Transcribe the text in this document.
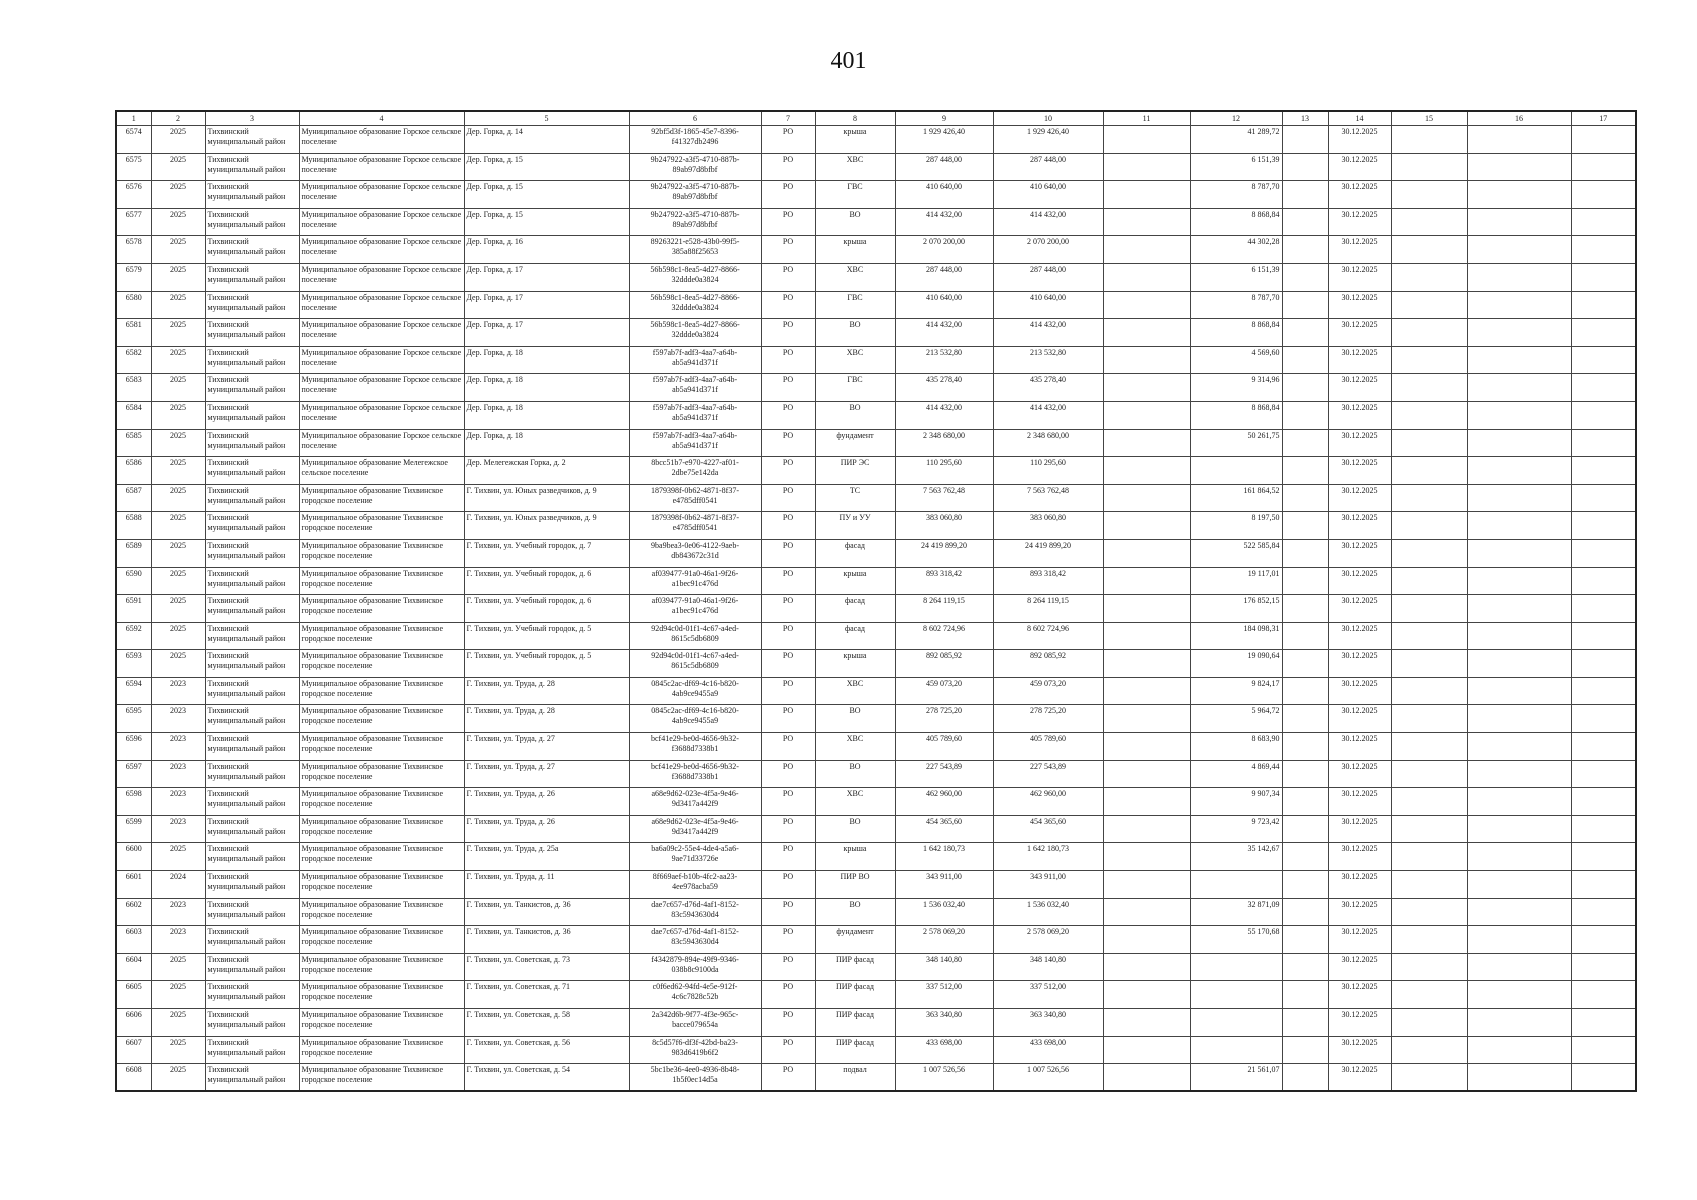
401
1	2	3	4	5	6	7	8	9	10	11	12	13	14	15	16	17
6574	2025	Тихвинский муниципальный район	Муниципальное образование Горское сельское поселение	Дер. Горка, д. 14	92bf5d3f-1865-45e7-8396-f41327db2496	РО	крыша	1 929 426,40	1 929 426,40		41 289,72		30.12.2025			
6575	2025	Тихвинский муниципальный район	Муниципальное образование Горское сельское поселение	Дер. Горка, д. 15	9b247922-a3f5-4710-887b-89ab97d8bfbf	РО	ХВС	287 448,00	287 448,00		6 151,39		30.12.2025			
6576	2025	Тихвинский муниципальный район	Муниципальное образование Горское сельское поселение	Дер. Горка, д. 15	9b247922-a3f5-4710-887b-89ab97d8bfbf	РО	ГВС	410 640,00	410 640,00		8 787,70		30.12.2025			
6577	2025	Тихвинский муниципальный район	Муниципальное образование Горское сельское поселение	Дер. Горка, д. 15	9b247922-a3f5-4710-887b-89ab97d8bfbf	РО	ВО	414 432,00	414 432,00		8 868,84		30.12.2025			
6578	2025	Тихвинский муниципальный район	Муниципальное образование Горское сельское поселение	Дер. Горка, д. 16	89263221-e528-43b0-99f5-385a88f25653	РО	крыша	2 070 200,00	2 070 200,00		44 302,28		30.12.2025			
6579	2025	Тихвинский муниципальный район	Муниципальное образование Горское сельское поселение	Дер. Горка, д. 17	56b598c1-8ea5-4d27-8866-32ddde0a3824	РО	ХВС	287 448,00	287 448,00		6 151,39		30.12.2025			
6580	2025	Тихвинский муниципальный район	Муниципальное образование Горское сельское поселение	Дер. Горка, д. 17	56b598c1-8ea5-4d27-8866-32ddde0a3824	РО	ГВС	410 640,00	410 640,00		8 787,70		30.12.2025			
6581	2025	Тихвинский муниципальный район	Муниципальное образование Горское сельское поселение	Дер. Горка, д. 17	56b598c1-8ea5-4d27-8866-32ddde0a3824	РО	ВО	414 432,00	414 432,00		8 868,84		30.12.2025			
6582	2025	Тихвинский муниципальный район	Муниципальное образование Горское сельское поселение	Дер. Горка, д. 18	f597ab7f-adf3-4aa7-a64b-ab5a941d371f	РО	ХВС	213 532,80	213 532,80		4 569,60		30.12.2025			
6583	2025	Тихвинский муниципальный район	Муниципальное образование Горское сельское поселение	Дер. Горка, д. 18	f597ab7f-adf3-4aa7-a64b-ab5a941d371f	РО	ГВС	435 278,40	435 278,40		9 314,96		30.12.2025			
6584	2025	Тихвинский муниципальный район	Муниципальное образование Горское сельское поселение	Дер. Горка, д. 18	f597ab7f-adf3-4aa7-a64b-ab5a941d371f	РО	ВО	414 432,00	414 432,00		8 868,84		30.12.2025			
6585	2025	Тихвинский муниципальный район	Муниципальное образование Горское сельское поселение	Дер. Горка, д. 18	f597ab7f-adf3-4aa7-a64b-ab5a941d371f	РО	фундамент	2 348 680,00	2 348 680,00		50 261,75		30.12.2025			
6586	2025	Тихвинский муниципальный район	Муниципальное образование Мелегежское сельское поселение	Дер. Мелегежская Горка, д. 2	8bcc51b7-e970-4227-af01-2dbe75e142da	РО	ПИР ЭС	110 295,60	110 295,60				30.12.2025			
6587	2025	Тихвинский муниципальный район	Муниципальное образование Тихвинское городское поселение	Г. Тихвин, ул. Юных разведчиков, д. 9	1879398f-0b62-4871-8f37-e4785dff0541	РО	ТС	7 563 762,48	7 563 762,48		161 864,52		30.12.2025			
6588	2025	Тихвинский муниципальный район	Муниципальное образование Тихвинское городское поселение	Г. Тихвин, ул. Юных разведчиков, д. 9	1879398f-0b62-4871-8f37-e4785dff0541	РО	ПУ и УУ	383 060,80	383 060,80		8 197,50		30.12.2025			
6589	2025	Тихвинский муниципальный район	Муниципальное образование Тихвинское городское поселение	Г. Тихвин, ул. Учебный городок, д. 7	9ba9bea3-0e06-4122-9aeb-db843672c31d	РО	фасад	24 419 899,20	24 419 899,20		522 585,84		30.12.2025			
6590	2025	Тихвинский муниципальный район	Муниципальное образование Тихвинское городское поселение	Г. Тихвин, ул. Учебный городок, д. 6	af039477-91a0-46a1-9f26-a1bec91c476d	РО	крыша	893 318,42	893 318,42		19 117,01		30.12.2025			
6591	2025	Тихвинский муниципальный район	Муниципальное образование Тихвинское городское поселение	Г. Тихвин, ул. Учебный городок, д. 6	af039477-91a0-46a1-9f26-a1bec91c476d	РО	фасад	8 264 119,15	8 264 119,15		176 852,15		30.12.2025			
6592	2025	Тихвинский муниципальный район	Муниципальное образование Тихвинское городское поселение	Г. Тихвин, ул. Учебный городок, д. 5	92d94c0d-01f1-4c67-a4ed-8615c5db6809	РО	фасад	8 602 724,96	8 602 724,96		184 098,31		30.12.2025			
6593	2025	Тихвинский муниципальный район	Муниципальное образование Тихвинское городское поселение	Г. Тихвин, ул. Учебный городок, д. 5	92d94c0d-01f1-4c67-a4ed-8615c5db6809	РО	крыша	892 085,92	892 085,92		19 090,64		30.12.2025			
6594	2023	Тихвинский муниципальный район	Муниципальное образование Тихвинское городское поселение	Г. Тихвин, ул. Труда, д. 28	0845c2ac-df69-4c16-b820-4ab9ce9455a9	РО	ХВС	459 073,20	459 073,20		9 824,17		30.12.2025			
6595	2023	Тихвинский муниципальный район	Муниципальное образование Тихвинское городское поселение	Г. Тихвин, ул. Труда, д. 28	0845c2ac-df69-4c16-b820-4ab9ce9455a9	РО	ВО	278 725,20	278 725,20		5 964,72		30.12.2025			
6596	2023	Тихвинский муниципальный район	Муниципальное образование Тихвинское городское поселение	Г. Тихвин, ул. Труда, д. 27	bcf41e29-be0d-4656-9b32-f3688d7338b1	РО	ХВС	405 789,60	405 789,60		8 683,90		30.12.2025			
6597	2023	Тихвинский муниципальный район	Муниципальное образование Тихвинское городское поселение	Г. Тихвин, ул. Труда, д. 27	bcf41e29-be0d-4656-9b32-f3688d7338b1	РО	ВО	227 543,89	227 543,89		4 869,44		30.12.2025			
6598	2023	Тихвинский муниципальный район	Муниципальное образование Тихвинское городское поселение	Г. Тихвин, ул. Труда, д. 26	a68e9d62-023e-4f5a-9e46-9d3417a442f9	РО	ХВС	462 960,00	462 960,00		9 907,34		30.12.2025			
6599	2023	Тихвинский муниципальный район	Муниципальное образование Тихвинское городское поселение	Г. Тихвин, ул. Труда, д. 26	a68e9d62-023e-4f5a-9e46-9d3417a442f9	РО	ВО	454 365,60	454 365,60		9 723,42		30.12.2025			
6600	2025	Тихвинский муниципальный район	Муниципальное образование Тихвинское городское поселение	Г. Тихвин, ул. Труда, д. 25а	ba6a09c2-55e4-4de4-a5a6-9ae71d33726e	РО	крыша	1 642 180,73	1 642 180,73		35 142,67		30.12.2025			
6601	2024	Тихвинский муниципальный район	Муниципальное образование Тихвинское городское поселение	Г. Тихвин, ул. Труда, д. 11	8f669aef-b10b-4fc2-aa23-4ee978acba59	РО	ПИР ВО	343 911,00	343 911,00				30.12.2025			
6602	2023	Тихвинский муниципальный район	Муниципальное образование Тихвинское городское поселение	Г. Тихвин, ул. Танкистов, д. 36	dae7c657-d76d-4af1-8152-83c5943630d4	РО	ВО	1 536 032,40	1 536 032,40		32 871,09		30.12.2025			
6603	2023	Тихвинский муниципальный район	Муниципальное образование Тихвинское городское поселение	Г. Тихвин, ул. Танкистов, д. 36	dae7c657-d76d-4af1-8152-83c5943630d4	РО	фундамент	2 578 069,20	2 578 069,20		55 170,68		30.12.2025			
6604	2025	Тихвинский муниципальный район	Муниципальное образование Тихвинское городское поселение	Г. Тихвин, ул. Советская, д. 73	f4342879-894e-49f9-9346-038b8c9100da	РО	ПИР фасад	348 140,80	348 140,80				30.12.2025			
6605	2025	Тихвинский муниципальный район	Муниципальное образование Тихвинское городское поселение	Г. Тихвин, ул. Советская, д. 71	c0f6ed62-94fd-4e5e-912f-4c6c7828c52b	РО	ПИР фасад	337 512,00	337 512,00				30.12.2025			
6606	2025	Тихвинский муниципальный район	Муниципальное образование Тихвинское городское поселение	Г. Тихвин, ул. Советская, д. 58	2a342d6b-9f77-4f3e-965c-bacce079654a	РО	ПИР фасад	363 340,80	363 340,80				30.12.2025			
6607	2025	Тихвинский муниципальный район	Муниципальное образование Тихвинское городское поселение	Г. Тихвин, ул. Советская, д. 56	8c5d57f6-df3f-42bd-ba23-983d6419b6f2	РО	ПИР фасад	433 698,00	433 698,00				30.12.2025			
6608	2025	Тихвинский муниципальный район	Муниципальное образование Тихвинское городское поселение	Г. Тихвин, ул. Советская, д. 54	5bc1be36-4ee0-4936-8b48-1b5f0ec14d5a	РО	подвал	1 007 526,56	1 007 526,56		21 561,07		30.12.2025			
